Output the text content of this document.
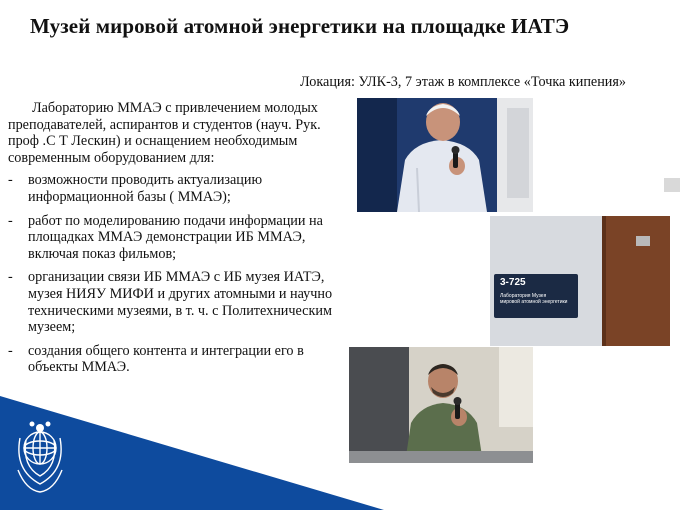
Музей мировой атомной энергетики на площадке ИАТЭ
Локация: УЛК-3, 7 этаж в комплексе «Точка кипения»

Лабораторию ММАЭ с привлечением молодых преподавателей, аспирантов и студентов (науч. Рук. проф .С Т Лескин) и оснащением необходимым современным оборудованием для:

- возможности проводить актуализацию информационной базы ( ММАЭ);
- работ по моделированию подачи информации на площадках ММАЭ демонстрации ИБ ММАЭ, включая показ фильмов;
- организации связи ИБ ММАЭ с ИБ музея ИАТЭ, музея НИЯУ МИФИ и других атомными и научно техническими музеями, в т. ч. с Политехническим музеем;
- создания общего контента и интеграции его в объекты ММАЭ.
3-725
Лаборатория Музея
мировой атомной энергетики
